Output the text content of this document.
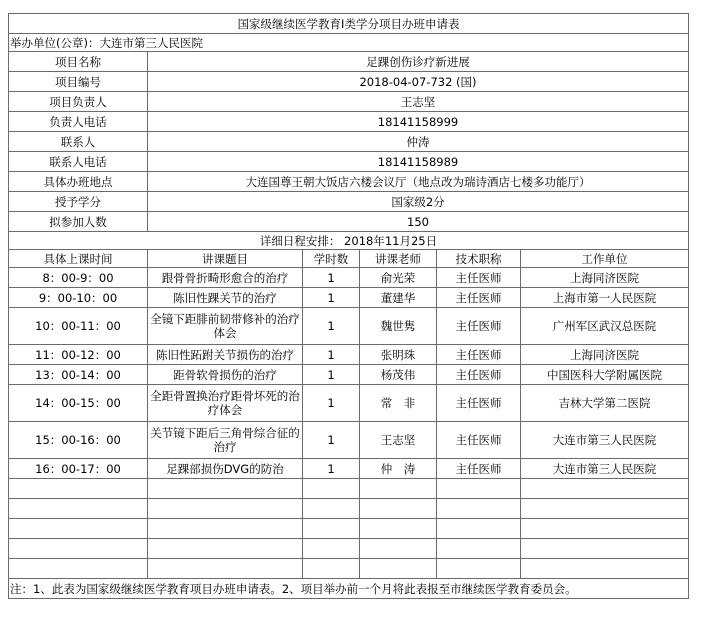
国家级继续医学教育I类学分项目办班申请表					
举办单位(公章)：大连市第三人民医院					
项目名称	足踝创伤诊疗新进展				
项目编号	2018-04-07-732 (国)				
项目负责人	王志坚				
负责人电话	18141158999				
联系人	仲涛				
联系人电话	18141158989				
具体办班地点	大连国尊王朝大饭店六楼会议厅（地点改为瑞诗酒店七楼多功能厅）				
授予学分	国家级2分				
拟参加人数	150				
详细日程安排： 2018年11月25日					
具体上课时间	讲课题目	学时数	讲课老师	技术职称	工作单位
8：00-9：00	跟骨骨折畸形愈合的治疗	1	俞光荣	主任医师	上海同济医院
9：00-10：00	陈旧性踝关节的治疗	1	董建华	主任医师	上海市第一人民医院
10：00-11：00	全镜下距腓前韧带修补的治疗体会	1	魏世隽	主任医师	广州军区武汉总医院
11：00-12：00	陈旧性跖跗关节损伤的治疗	1	张明珠	主任医师	上海同济医院
13：00-14：00	距骨软骨损伤的治疗	1	杨茂伟	主任医师	中国医科大学附属医院
14：00-15：00	全距骨置换治疗距骨坏死的治疗体会	1	常　非	主任医师	吉林大学第二医院
15：00-16：00	关节镜下距后三角骨综合征的治疗	1	王志坚	主任医师	大连市第三人民医院
16：00-17：00	足踝部损伤DVG的防治	1	仲　涛	主任医师	大连市第三人民医院

注：1、此表为国家级继续医学教育项目办班申请表。2、项目举办前一个月将此表报至市继续医学教育委员会。					
